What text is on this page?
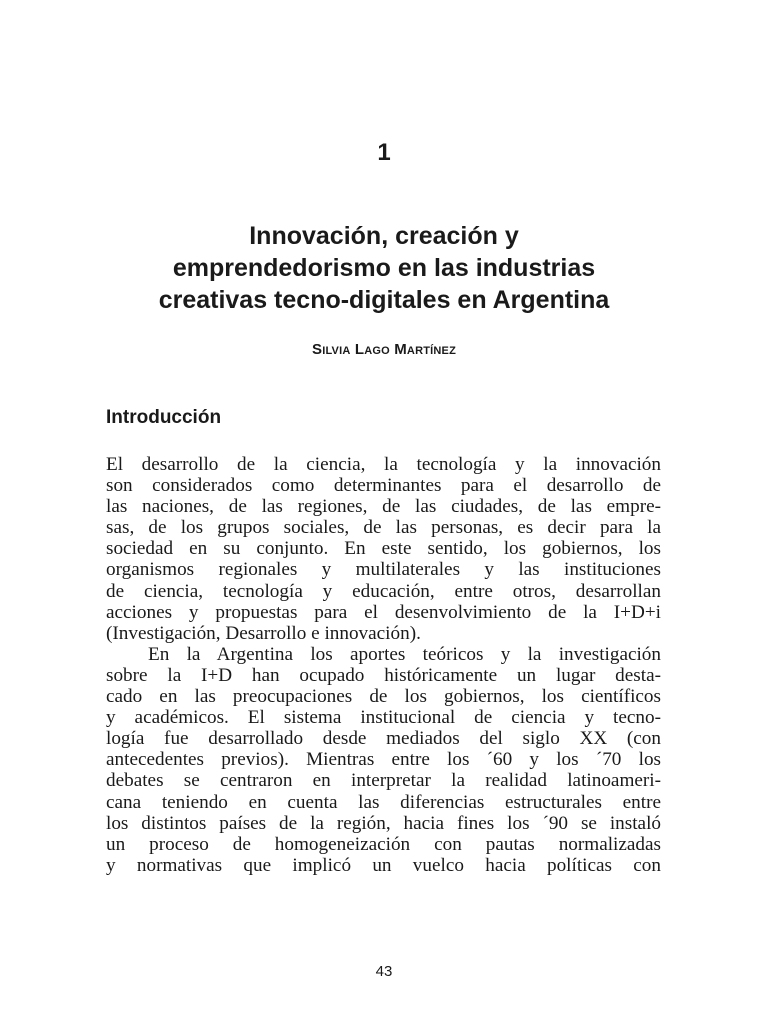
1
Innovación, creación y
emprendedorismo en las industrias
creativas tecno-digitales en Argentina
Silvia Lago Martínez
Introducción
El desarrollo de la ciencia, la tecnología y la innovación
son considerados como determinantes para el desarrollo de
las naciones, de las regiones, de las ciudades, de las empre-
sas, de los grupos sociales, de las personas, es decir para la
sociedad en su conjunto. En este sentido, los gobiernos, los
organismos regionales y multilaterales y las instituciones
de ciencia, tecnología y educación, entre otros, desarrollan
acciones y propuestas para el desenvolvimiento de la I+D+i
(Investigación, Desarrollo e innovación).
En la Argentina los aportes teóricos y la investigación
sobre la I+D han ocupado históricamente un lugar desta-
cado en las preocupaciones de los gobiernos, los científicos
y académicos. El sistema institucional de ciencia y tecno-
logía fue desarrollado desde mediados del siglo XX (con
antecedentes previos). Mientras entre los ´60 y los ´70 los
debates se centraron en interpretar la realidad latinoameri-
cana teniendo en cuenta las diferencias estructurales entre
los distintos países de la región, hacia fines los ´90 se instaló
un proceso de homogeneización con pautas normalizadas
y normativas que implicó un vuelco hacia políticas con
43
